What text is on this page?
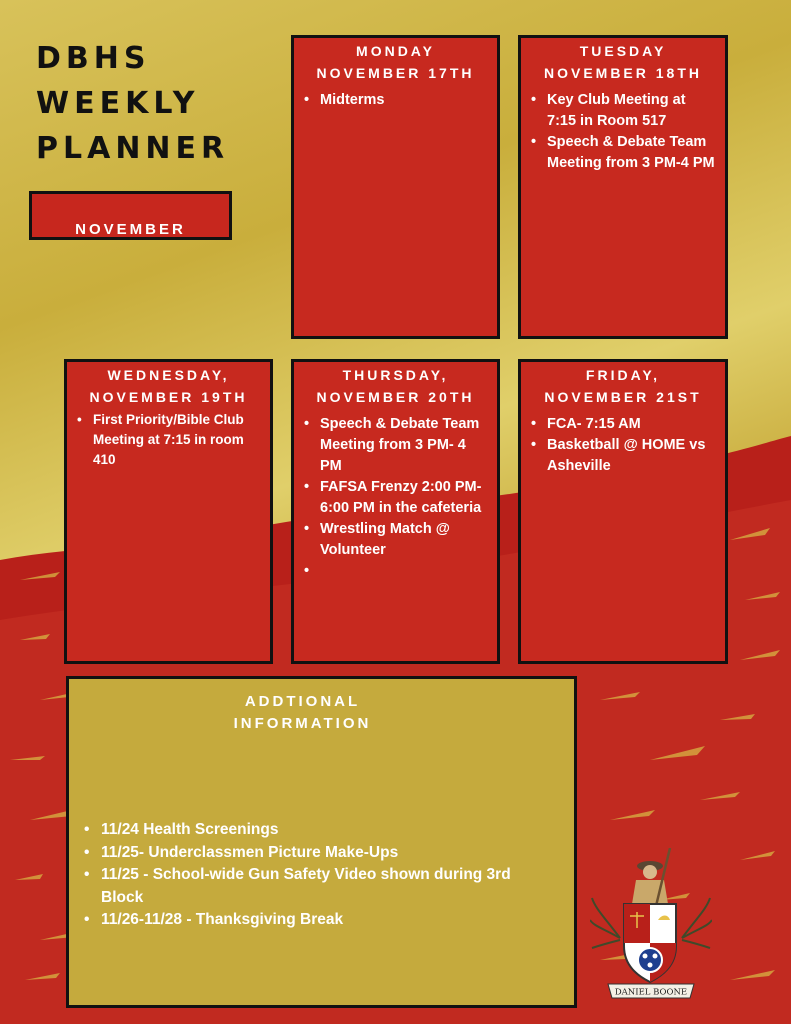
DBHS
WEEKLY
PLANNER
NOVEMBER
MONDAY
NOVEMBER 17TH
• Midterms
TUESDAY
NOVEMBER 18TH
• Key Club Meeting at 7:15 in Room 517
• Speech & Debate Team Meeting from 3 PM-4 PM
WEDNESDAY,
NOVEMBER 19TH
• First Priority/Bible Club Meeting at 7:15 in room 410
THURSDAY,
NOVEMBER 20TH
• Speech & Debate Team Meeting from 3 PM- 4 PM
• FAFSA Frenzy 2:00 PM-6:00 PM in the cafeteria
• Wrestling Match @ Volunteer
•
FRIDAY,
NOVEMBER 21ST
• FCA- 7:15 AM
• Basketball @ HOME vs Asheville
ADDTIONAL
INFORMATION
• 11/24 Health Screenings
• 11/25- Underclassmen Picture Make-Ups
• 11/25 - School-wide Gun Safety Video shown during 3rd Block
• 11/26-11/28 - Thanksgiving Break
DANIEL BOONE
